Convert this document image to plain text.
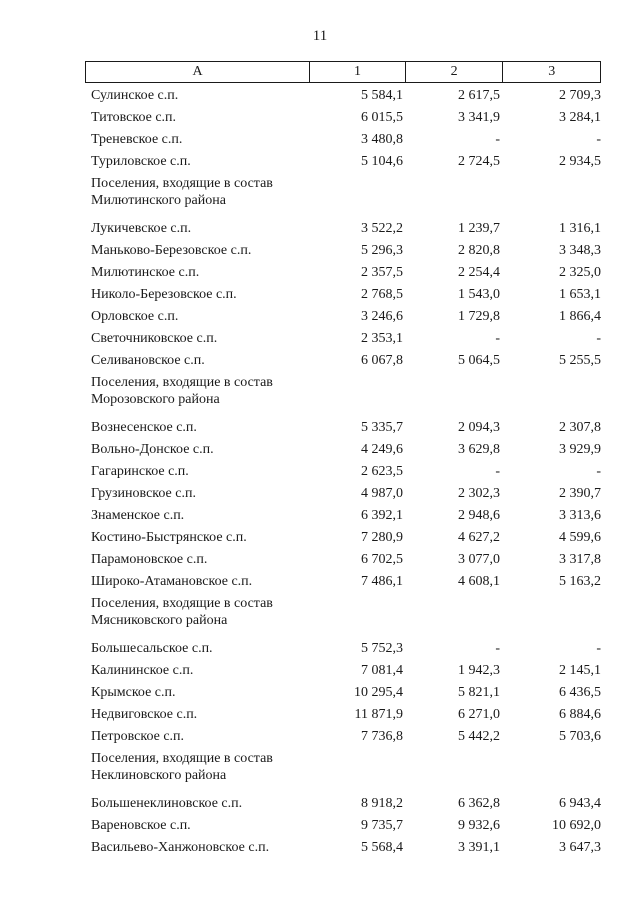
11
А	1	2	3
Сулинское с.п.	5 584,1	2 617,5	2 709,3
Титовское с.п.	6 015,5	3 341,9	3 284,1
Треневское с.п.	3 480,8	-	-
Туриловское с.п.	5 104,6	2 724,5	2 934,5
Поселения, входящие в состав
Милютинского района
Лукичевское с.п.	3 522,2	1 239,7	1 316,1
Маньково-Березовское с.п.	5 296,3	2 820,8	3 348,3
Милютинское с.п.	2 357,5	2 254,4	2 325,0
Николо-Березовское с.п.	2 768,5	1 543,0	1 653,1
Орловское с.п.	3 246,6	1 729,8	1 866,4
Светочниковское с.п.	2 353,1	-	-
Селивановское с.п.	6 067,8	5 064,5	5 255,5
Поселения, входящие в состав
Морозовского района
Вознесенское с.п.	5 335,7	2 094,3	2 307,8
Вольно-Донское с.п.	4 249,6	3 629,8	3 929,9
Гагаринское с.п.	2 623,5	-	-
Грузиновское с.п.	4 987,0	2 302,3	2 390,7
Знаменское с.п.	6 392,1	2 948,6	3 313,6
Костино-Быстрянское с.п.	7 280,9	4 627,2	4 599,6
Парамоновское с.п.	6 702,5	3 077,0	3 317,8
Широко-Атамановское с.п.	7 486,1	4 608,1	5 163,2
Поселения, входящие в состав
Мясниковского района
Большесальское с.п.	5 752,3	-	-
Калининское с.п.	7 081,4	1 942,3	2 145,1
Крымское с.п.	10 295,4	5 821,1	6 436,5
Недвиговское с.п.	11 871,9	6 271,0	6 884,6
Петровское с.п.	7 736,8	5 442,2	5 703,6
Поселения, входящие в состав
Неклиновского района
Большенеклиновское с.п.	8 918,2	6 362,8	6 943,4
Вареновское с.п.	9 735,7	9 932,6	10 692,0
Васильево-Ханжоновское с.п.	5 568,4	3 391,1	3 647,3
